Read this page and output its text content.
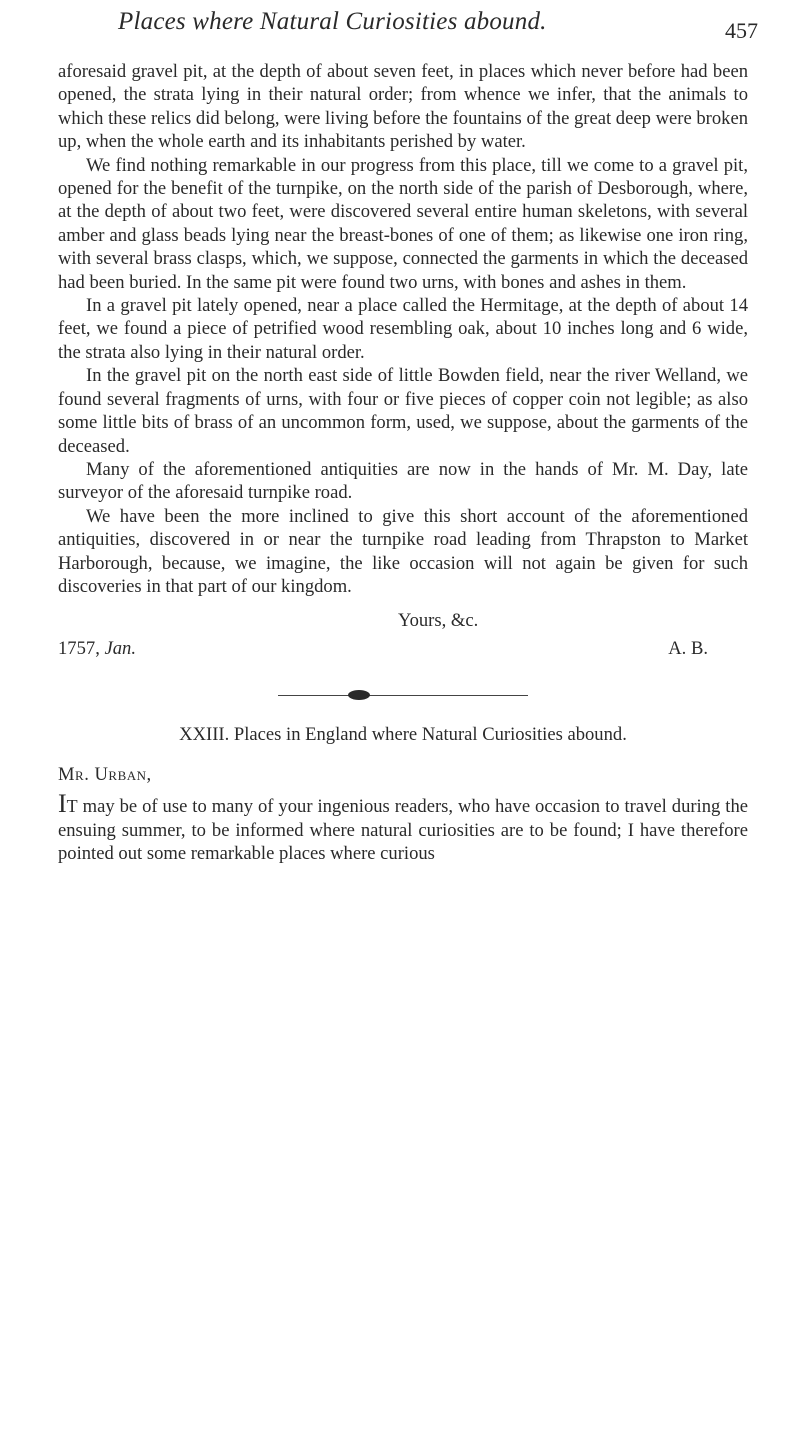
Places where Natural Curiosities abound.	457

aforesaid gravel pit, at the depth of about seven feet, in places which never before had been opened, the strata lying in their natural order; from whence we infer, that the animals to which these relics did belong, were living before the fountains of the great deep were broken up, when the whole earth and its inhabitants perished by water.

We find nothing remarkable in our progress from this place, till we come to a gravel pit, opened for the benefit of the turnpike, on the north side of the parish of Desborough, where, at the depth of about two feet, were discovered several entire human skeletons, with several amber and glass beads lying near the breast-bones of one of them; as likewise one iron ring, with several brass clasps, which, we suppose, connected the garments in which the deceased had been buried. In the same pit were found two urns, with bones and ashes in them.

In a gravel pit lately opened, near a place called the Hermitage, at the depth of about 14 feet, we found a piece of petrified wood resembling oak, about 10 inches long and 6 wide, the strata also lying in their natural order.

In the gravel pit on the north east side of little Bowden field, near the river Welland, we found several fragments of urns, with four or five pieces of copper coin not legible; as also some little bits of brass of an uncommon form, used, we suppose, about the garments of the deceased.

Many of the aforementioned antiquities are now in the hands of Mr. M. Day, late surveyor of the aforesaid turnpike road.

We have been the more inclined to give this short account of the aforementioned antiquities, discovered in or near the turnpike road leading from Thrapston to Market Harborough, because, we imagine, the like occasion will not again be given for such discoveries in that part of our kingdom.

Yours, &c.
1757, Jan.	A. B.

XXIII. Places in England where Natural Curiosities abound.

Mr. Urban,

It may be of use to many of your ingenious readers, who have occasion to travel during the ensuing summer, to be informed where natural curiosities are to be found; I have therefore pointed out some remarkable places where curious
